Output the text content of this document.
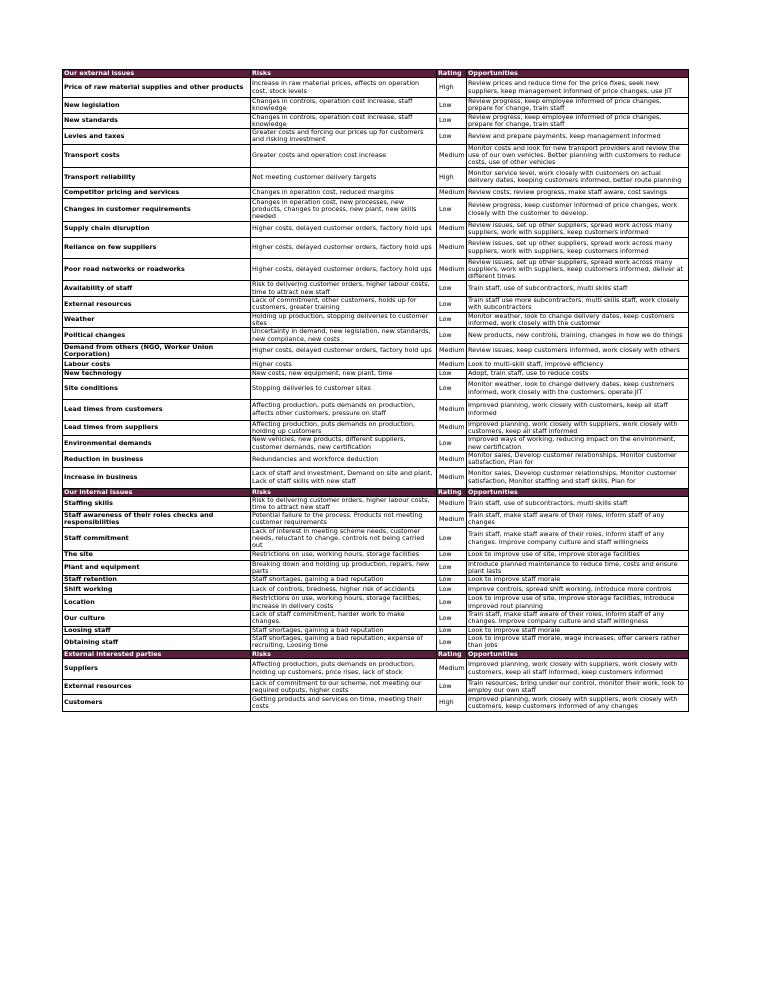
Our external issues	Risks	Rating	Opportunities
Price of raw material supplies and other products	Increase in raw material prices, effects on operation cost, stock levels	High	Review prices and reduce time for the price fixes, seek new suppliers, keep management informed of price changes, use JIT
New legislation	Changes in controls, operation cost increase, staff knowledge	Low	Review progress, keep employee informed of price changes, prepare for change, train staff
New standards	Changes in controls, operation cost increase, staff knowledge	Low	Review progress, keep employee informed of price changes, prepare for change, train staff
Levies and taxes	Greater costs and forcing our prices up for customers and risking investment	Low	Review and prepare payments, keep management informed
Transport costs	Greater costs and operation cost increase	Medium	Monitor costs and look for new transport providers and review the use of our own vehicles. Better planning with customers to reduce costs, use of other vehicles
Transport reliability	Not meeting customer delivery targets	High	Monitor service level, work closely with customers on actual delivery dates, keeping customers informed, better route planning
Competitor pricing and services	Changes in operation cost, reduced margins	Medium	Review costs, review progress, make staff aware, cost savings
Changes in customer requirements	Changes in operation cost, new processes, new products, changes to process, new plant, new skills needed	Low	Review progress, keep customer informed of price changes, work closely with the customer to develop.
Supply chain disruption	Higher costs, delayed customer orders, factory hold ups	Medium	Review issues, set up other suppliers, spread work across many suppliers, work with suppliers, keep customers informed
Reliance on few suppliers	Higher costs, delayed customer orders, factory hold ups	Medium	Review issues, set up other suppliers, spread work across many suppliers, work with suppliers, keep customers informed
Poor road networks or roadworks	Higher costs, delayed customer orders, factory hold ups	Medium	Review issues, set up other suppliers, spread work across many suppliers, work with suppliers, keep customers informed, deliver at different times
Availability of staff	Risk to delivering customer orders, higher labour costs, time to attract new staff	Low	Train staff, use of subcontractors, multi skills staff
External resources	Lack of commitment, other customers, holds up for customers, greater training	Low	Train staff use more subcontractors, multi skills staff, work closely with subcontractors
Weather	Holding up production, stopping deliveries to customer sites	Low	Monitor weather, look to change delivery dates, keep customers informed, work closely with the customer
Political changes	Uncertainty in demand, new legislation, new standards, new compliance, new costs	Low	New products, new controls, training, changes in how we do things
Demand from others (NGO, Worker Union Corporation)	Higher costs, delayed customer orders, factory hold ups	Medium	Review issues, keep customers informed, work closely with others
Labour costs	Higher costs	Medium	Look to multi-skill staff, improve efficiency
New technology	New costs, new equipment, new plant, time	Low	Adopt, train staff, use to reduce costs
Site conditions	Stopping deliveries to customer sites	Low	Monitor weather, look to change delivery dates, keep customers informed, work closely with the customers, operate JIT
Lead times from customers	Affecting production, puts demands on production, affects other customers, pressure on staff	Medium	Improved planning, work closely with customers, keep all staff informed
Lead times from suppliers	Affecting production, puts demands on production, holding up customers	Medium	Improved planning, work closely with suppliers, work closely with customers, keep all staff informed
Environmental demands	New vehicles, new products, different suppliers, customer demands, new certification	Low	Improved ways of working, reducing impact on the environment, new certification
Reduction in business	Redundancies and workforce deduction	Medium	Monitor sales, Develop customer relationships, Monitor customer satisfaction, Plan for
Increase in business	Lack of staff and investment, Demand on site and plant, Lack of staff skills with new staff	Medium	Monitor sales, Develop customer relationships, Monitor customer satisfaction, Monitor staffing and staff skills, Plan for
Our internal issues	Risks	Rating	Opportunities
Staffing skills	Risk to delivering customer orders, higher labour costs, time to attract new staff	Medium	Train staff, use of subcontractors, multi skills staff
Staff awareness of their roles checks and responsibilities	Potential failure to the process. Products not meeting customer requirements	Medium	Train staff, make staff aware of their roles, inform staff of any changes
Staff commitment	Lack of interest in meeting scheme needs, customer needs, reluctant to change, controls not being carried out	Low	Train staff, make staff aware of their roles, inform staff of any changes. Improve company culture and staff willingness
The site	Restrictions on use, working hours, storage facilities	Low	Look to improve use of site, improve storage facilities
Plant and equipment	Breaking down and holding up production, repairs, new parts	Low	Introduce planned maintenance to reduce time, costs and ensure plant lasts
Staff retention	Staff shortages, gaining a bad reputation	Low	Look to improve staff morale
Shift working	Lack of controls, tiredness, higher risk of accidents	Low	Improve controls, spread shift working, introduce more controls
Location	Restrictions on use, working hours, storage facilities, Increase in delivery costs	Low	Look to improve use of site, improve storage facilities, Introduce improved rout planning
Our culture	Lack of staff commitment, harder work to make changes.	Low	Train staff, make staff aware of their roles, inform staff of any changes. Improve company culture and staff willingness
Loosing staff	Staff shortages, gaining a bad reputation	Low	Look to improve staff morale
Obtaining staff	Staff shortages, gaining a bad reputation, expense of recruiting, Loosing time	Low	Look to improve staff morale, wage increases, offer careers rather than jobs
External interested parties	Risks	Rating	Opportunities
Suppliers	Affecting production, puts demands on production, holding up customers, price rises, lack of stock	Medium	Improved planning, work closely with suppliers, work closely with customers, keep all staff informed, keep customers informed
External resources	Lack of commitment to our scheme, not meeting our required outputs, higher costs	Low	Train resources, bring under our control, monitor their work, look to employ our own staff
Customers	Getting products and services on time, meeting their costs	High	Improved planning, work closely with suppliers, work closely with customers, keep customers informed of any changes
